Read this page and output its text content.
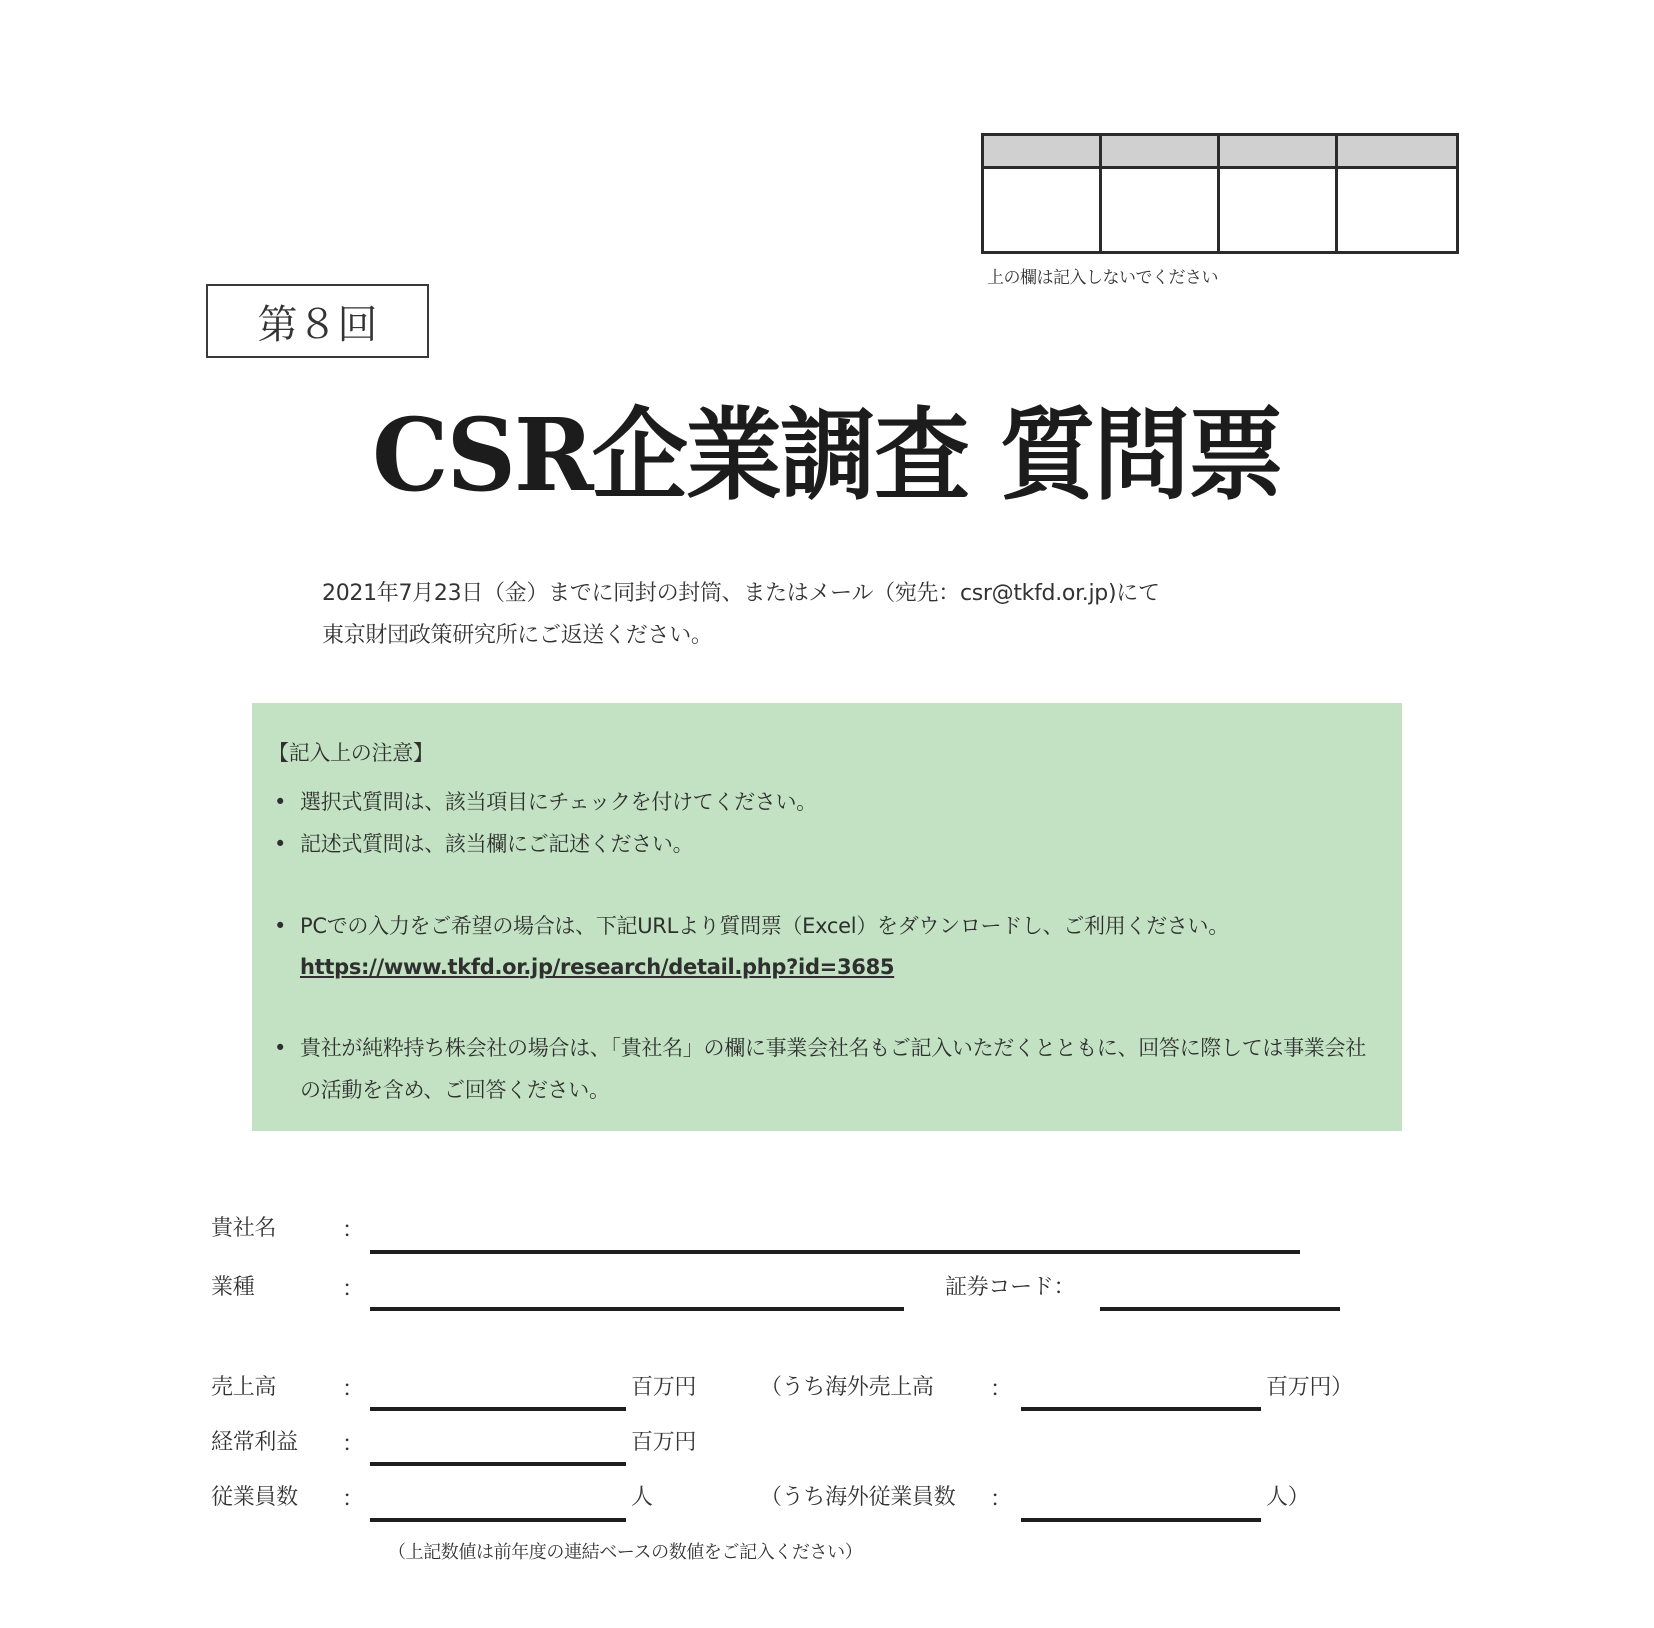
上の欄は記入しないでください
第８回
CSR企業調査 質問票
2021年7月23日（金）までに同封の封筒、またはメール（宛先：csr@tkfd.or.jp)にて
東京財団政策研究所にご返送ください。
【記入上の注意】
• 選択式質問は、該当項目にチェックを付けてください。
• 記述式質問は、該当欄にご記述ください。
• PCでの入力をご希望の場合は、下記URLより質問票（Excel）をダウンロードし、ご利用ください。
https://www.tkfd.or.jp/research/detail.php?id=3685
• 貴社が純粋持ち株会社の場合は、「貴社名」の欄に事業会社名もご記入いただくとともに、回答に際しては事業会社の活動を含め、ご回答ください。
貴社名	：
業種	：	証券コード：
売上高	：	百万円	（うち海外売上高	：	百万円）
経常利益 ：	百万円
従業員数 ：	人	（うち海外従業員数 ：	人）
（上記数値は前年度の連結ベースの数値をご記入ください）
